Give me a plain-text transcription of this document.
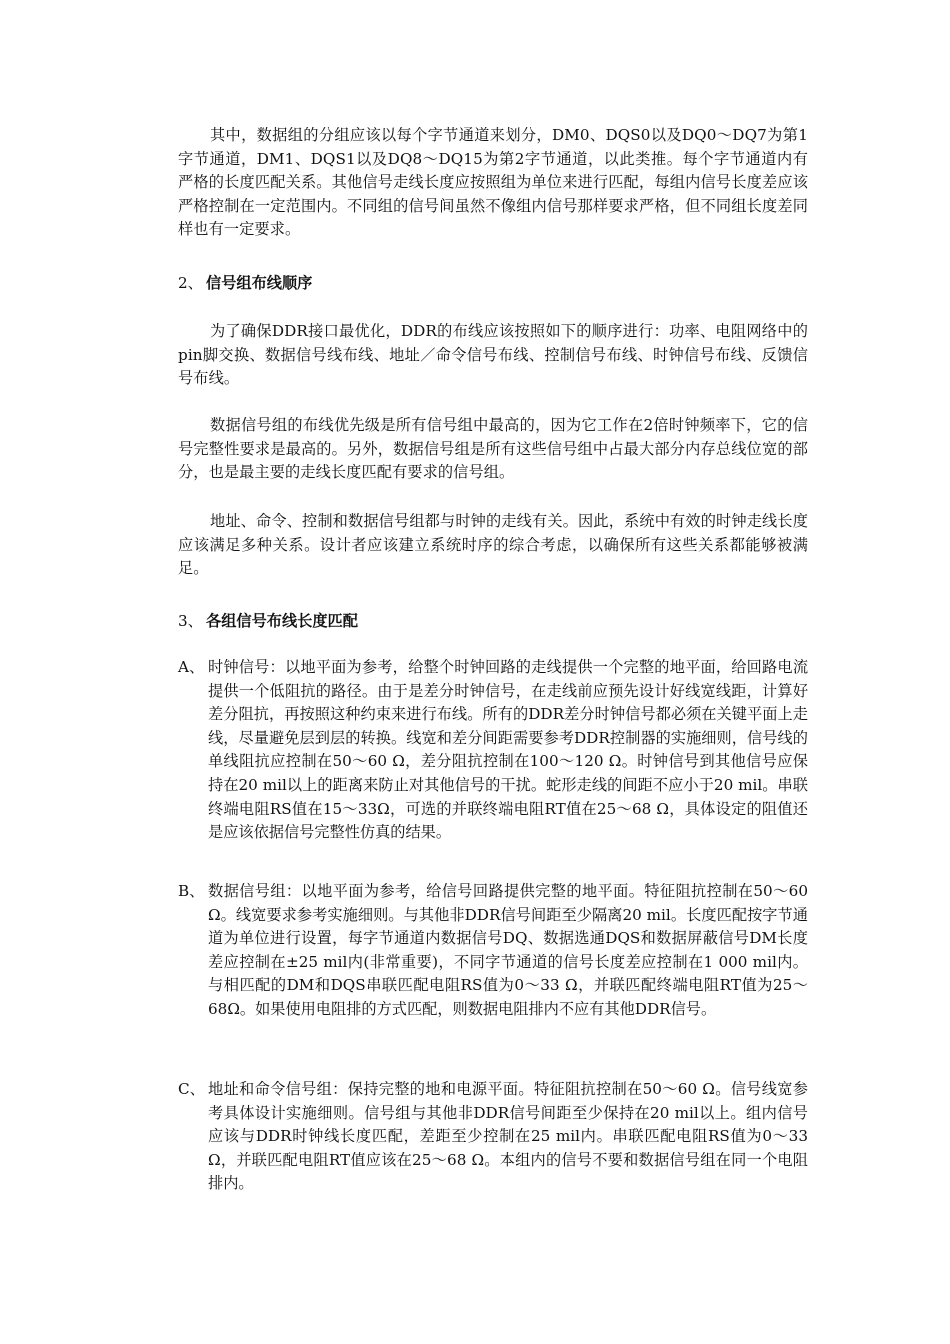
其中，数据组的分组应该以每个字节通道来划分，DM0、DQS0以及DQ0～DQ7为第1字节通道，DM1、DQS1以及DQ8～DQ15为第2字节通道，以此类推。每个字节通道内有严格的长度匹配关系。其他信号走线长度应按照组为单位来进行匹配，每组内信号长度差应该严格控制在一定范围内。不同组的信号间虽然不像组内信号那样要求严格，但不同组长度差同样也有一定要求。
2、 信号组布线顺序
为了确保DDR接口最优化，DDR的布线应该按照如下的顺序进行：功率、电阻网络中的pin脚交换、数据信号线布线、地址／命令信号布线、控制信号布线、时钟信号布线、反馈信号布线。
数据信号组的布线优先级是所有信号组中最高的，因为它工作在2倍时钟频率下，它的信号完整性要求是最高的。另外，数据信号组是所有这些信号组中占最大部分内存总线位宽的部分，也是最主要的走线长度匹配有要求的信号组。
地址、命令、控制和数据信号组都与时钟的走线有关。因此，系统中有效的时钟走线长度应该满足多种关系。设计者应该建立系统时序的综合考虑，以确保所有这些关系都能够被满足。
3、 各组信号布线长度匹配
A、 时钟信号：以地平面为参考，给整个时钟回路的走线提供一个完整的地平面，给回路电流提供一个低阻抗的路径。由于是差分时钟信号，在走线前应预先设计好线宽线距，计算好差分阻抗，再按照这种约束来进行布线。所有的DDR差分时钟信号都必须在关键平面上走线，尽量避免层到层的转换。线宽和差分间距需要参考DDR控制器的实施细则，信号线的单线阻抗应控制在50～60 Ω，差分阻抗控制在100～120 Ω。时钟信号到其他信号应保持在20 mil以上的距离来防止对其他信号的干扰。蛇形走线的间距不应小于20 mil。串联终端电阻RS值在15～33Ω，可选的并联终端电阻RT值在25～68 Ω，具体设定的阻值还是应该依据信号完整性仿真的结果。
B、 数据信号组：以地平面为参考，给信号回路提供完整的地平面。特征阻抗控制在50～60 Ω。线宽要求参考实施细则。与其他非DDR信号间距至少隔离20 mil。长度匹配按字节通道为单位进行设置，每字节通道内数据信号DQ、数据选通DQS和数据屏蔽信号DM长度差应控制在±25 mil内(非常重要)，不同字节通道的信号长度差应控制在1 000 mil内。与相匹配的DM和DQS串联匹配电阻RS值为0～33 Ω，并联匹配终端电阻RT值为25～68Ω。如果使用电阻排的方式匹配，则数据电阻排内不应有其他DDR信号。
C、 地址和命令信号组：保持完整的地和电源平面。特征阻抗控制在50～60 Ω。信号线宽参考具体设计实施细则。信号组与其他非DDR信号间距至少保持在20 mil以上。组内信号应该与DDR时钟线长度匹配，差距至少控制在25 mil内。串联匹配电阻RS值为0～33 Ω，并联匹配电阻RT值应该在25～68 Ω。本组内的信号不要和数据信号组在同一个电阻排内。
